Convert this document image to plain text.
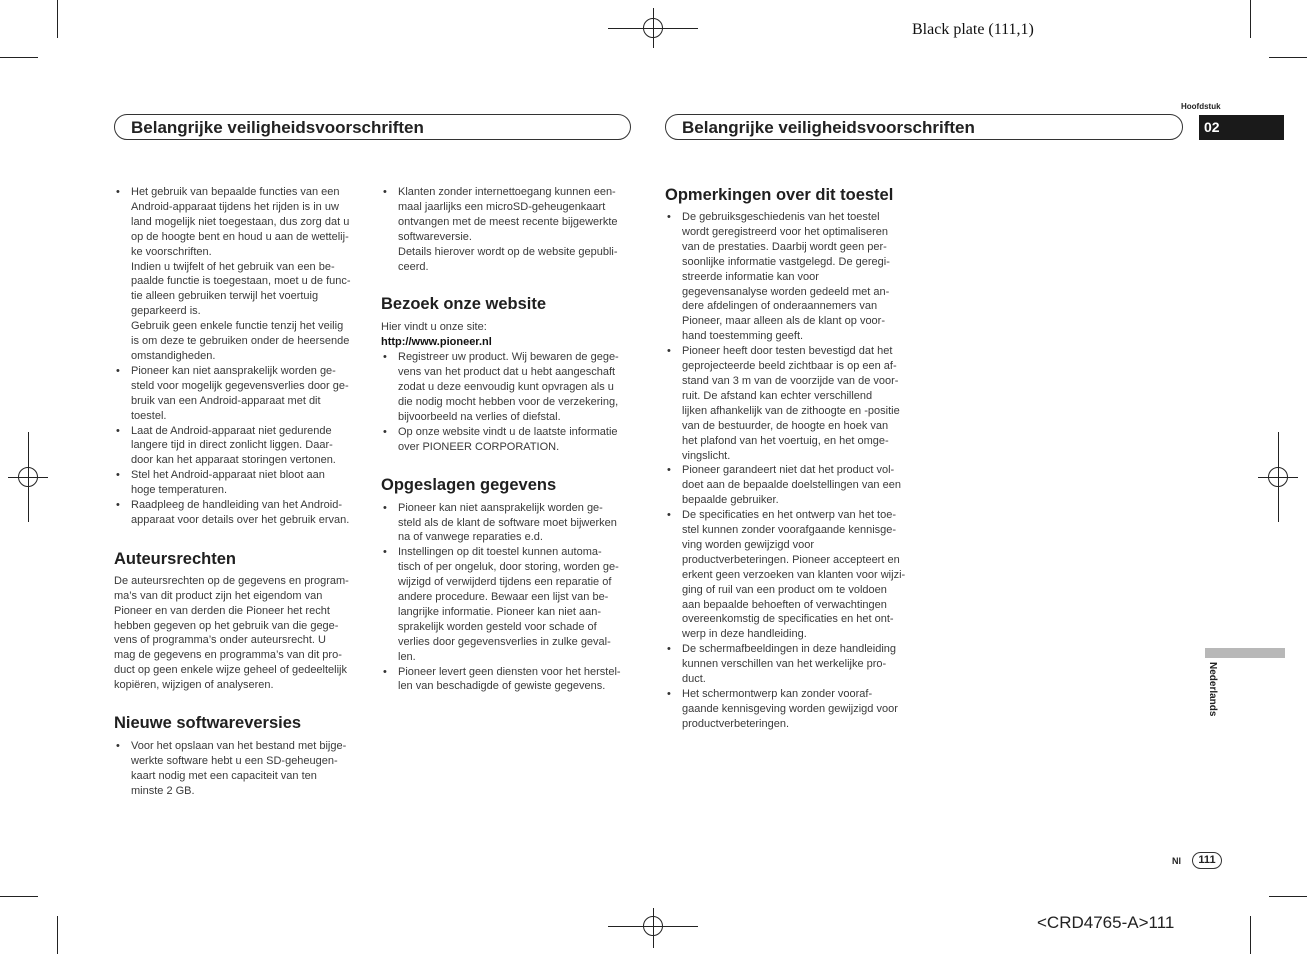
Black plate (111,1)
Hoofdstuk
Belangrijke veiligheidsvoorschriften	Belangrijke veiligheidsvoorschriften	02
• Het gebruik van bepaalde functies van een
Android-apparaat tijdens het rijden is in uw
land mogelijk niet toegestaan, dus zorg dat u
op de hoogte bent en houd u aan de wettelij-
ke voorschriften.
Indien u twijfelt of het gebruik van een be-
paalde functie is toegestaan, moet u de func-
tie alleen gebruiken terwijl het voertuig
geparkeerd is.
Gebruik geen enkele functie tenzij het veilig
is om deze te gebruiken onder de heersende
omstandigheden.
• Pioneer kan niet aansprakelijk worden ge-
steld voor mogelijk gegevensverlies door ge-
bruik van een Android-apparaat met dit
toestel.
• Laat de Android-apparaat niet gedurende
langere tijd in direct zonlicht liggen. Daar-
door kan het apparaat storingen vertonen.
• Stel het Android-apparaat niet bloot aan
hoge temperaturen.
• Raadpleeg de handleiding van het Android-
apparaat voor details over het gebruik ervan.
Auteursrechten

De auteursrechten op de gegevens en program-
ma’s van dit product zijn het eigendom van
Pioneer en van derden die Pioneer het recht
hebben gegeven op het gebruik van die gege-
vens of programma’s onder auteursrecht. U
mag de gegevens en programma’s van dit pro-
duct op geen enkele wijze geheel of gedeeltelijk
kopiëren, wijzigen of analyseren.

Nieuwe softwareversies
• Voor het opslaan van het bestand met bijge-
werkte software hebt u een SD-geheugen-
kaart nodig met een capaciteit van ten
minste 2 GB.
• Klanten zonder internettoegang kunnen een-
maal jaarlijks een microSD-geheugenkaart
ontvangen met de meest recente bijgewerkte
softwareversie.
Details hierover wordt op de website gepubli-
ceerd.
Bezoek onze website

Hier vindt u onze site:

http://www.pioneer.nl

• Registreer uw product. Wij bewaren de gege-
vens van het product dat u hebt aangeschaft
zodat u deze eenvoudig kunt opvragen als u
die nodig mocht hebben voor de verzekering,
bijvoorbeeld na verlies of diefstal.
• Op onze website vindt u de laatste informatie
over PIONEER CORPORATION.
Opgeslagen gegevens
• Pioneer kan niet aansprakelijk worden ge-
steld als de klant de software moet bijwerken
na of vanwege reparaties e.d.
• Instellingen op dit toestel kunnen automa-
tisch of per ongeluk, door storing, worden ge-
wijzigd of verwijderd tijdens een reparatie of
andere procedure. Bewaar een lijst van be-
langrijke informatie. Pioneer kan niet aan-
sprakelijk worden gesteld voor schade of
verlies door gegevensverlies in zulke geval-
len.
• Pioneer levert geen diensten voor het herstel-
len van beschadigde of gewiste gegevens.
Opmerkingen over dit toestel
• De gebruiksgeschiedenis van het toestel
wordt geregistreerd voor het optimaliseren
van de prestaties. Daarbij wordt geen per-
soonlijke informatie vastgelegd. De geregi-
streerde informatie kan voor
gegevensanalyse worden gedeeld met an-
dere afdelingen of onderaannemers van
Pioneer, maar alleen als de klant op voor-
hand toestemming geeft.
• Pioneer heeft door testen bevestigd dat het
geprojecteerde beeld zichtbaar is op een af-
stand van 3 m van de voorzijde van de voor-
ruit. De afstand kan echter verschillend
lijken afhankelijk van de zithoogte en -positie
van de bestuurder, de hoogte en hoek van
het plafond van het voertuig, en het omge-
vingslicht.
• Pioneer garandeert niet dat het product vol-
doet aan de bepaalde doelstellingen van een
bepaalde gebruiker.
• De specificaties en het ontwerp van het toe-
stel kunnen zonder voorafgaande kennisge-
ving worden gewijzigd voor
productverbeteringen. Pioneer accepteert en
erkent geen verzoeken van klanten voor wijzi-
ging of ruil van een product om te voldoen
aan bepaalde behoeften of verwachtingen
overeenkomstig de specificaties en het ont-
werp in deze handleiding.
• De schermafbeeldingen in deze handleiding
kunnen verschillen van het werkelijke pro-
duct.
• Het schermontwerp kan zonder vooraf-
gaande kennisgeving worden gewijzigd voor
productverbeteringen.
Nederlands
Nl	111
<CRD4765-A>111
